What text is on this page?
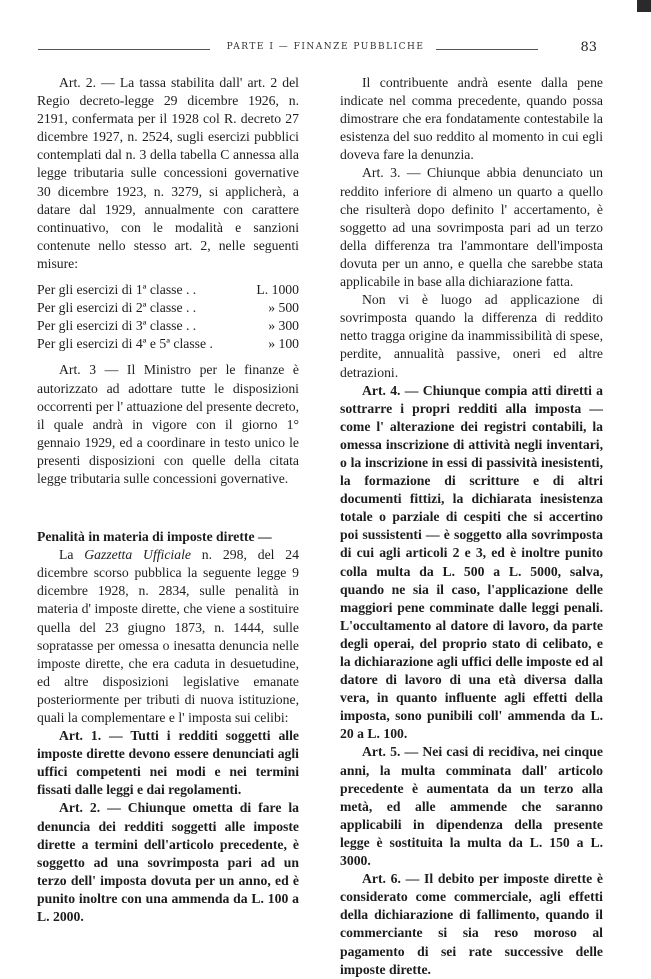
PARTE I — FINANZE PUBBLICHE	83

Art. 2. — La tassa stabilita dall' art. 2 del Regio decreto-legge 29 dicembre 1926, n. 2191, confermata per il 1928 col R. decreto 27 dicembre 1927, n. 2524, sugli esercizi pubblici contemplati dal n. 3 della tabella C annessa alla legge tributaria sulle concessioni governative 30 dicembre 1923, n. 3279, si applicherà, a datare dal 1929, annualmente con carattere continuativo, con le modalità e sanzioni contenute nello stesso art. 2, nelle seguenti misure:

Per gli esercizi di 1ª classe . .	L. 1000
Per gli esercizi di 2ª classe . .	» 500
Per gli esercizi di 3ª classe . .	» 300
Per gli esercizi di 4ª e 5ª classe .	» 100

Art. 3 — Il Ministro per le finanze è autorizzato ad adottare tutte le disposizioni occorrenti per l' attuazione del presente decreto, il quale andrà in vigore con il giorno 1° gennaio 1929, ed a coordinare in testo unico le presenti disposizioni con quelle della citata legge tributaria sulle concessioni governative.

Penalità in materia di imposte dirette —

La Gazzetta Ufficiale n. 298, del 24 dicembre scorso pubblica la seguente legge 9 dicembre 1928, n. 2834, sulle penalità in materia d' imposte dirette, che viene a sostituire quella del 23 giugno 1873, n. 1444, sulle sopratasse per omessa o inesatta denuncia nelle imposte dirette, che era caduta in desuetudine, ed altre disposizioni legislative emanate posteriormente per tributi di nuova istituzione, quali la complementare e l' imposta sui celibi:

Art. 1. — Tutti i redditi soggetti alle imposte dirette devono essere denunciati agli uffici competenti nei modi e nei termini fissati dalle leggi e dai regolamenti.

Art. 2. — Chiunque ometta di fare la denuncia dei redditi soggetti alle imposte dirette a termini dell'articolo precedente, è soggetto ad una sovrimposta pari ad un terzo dell' imposta dovuta per un anno, ed è punito inoltre con una ammenda da L. 100 a L. 2000.

Il contribuente andrà esente dalla pene indicate nel comma precedente, quando possa dimostrare che era fondatamente contestabile la esistenza del suo reddito al momento in cui egli doveva fare la denunzia.

Art. 3. — Chiunque abbia denunciato un reddito inferiore di almeno un quarto a quello che risulterà dopo definito l' accertamento, è soggetto ad una sovrimposta pari ad un terzo della differenza tra l'ammontare dell'imposta dovuta per un anno, e quella che sarebbe stata applicabile in base alla dichiarazione fatta.

Non vi è luogo ad applicazione di sovrimposta quando la differenza di reddito netto tragga origine da inammissibilità di spese, perdite, annualità passive, oneri ed altre detrazioni.

Art. 4. — Chiunque compia atti diretti a sottrarre i propri redditi alla imposta — come l' alterazione dei registri contabili, la omessa inscrizione di attività negli inventari, o la inscrizione in essi di passività inesistenti, la formazione di scritture e di altri documenti fittizi, la dichiarata inesistenza totale o parziale di cespiti che si accertino poi sussistenti — è soggetto alla sovrimposta di cui agli articoli 2 e 3, ed è inoltre punito colla multa da L. 500 a L. 5000, salva, quando ne sia il caso, l'applicazione delle maggiori pene comminate dalle leggi penali. L'occultamento al datore di lavoro, da parte degli operai, del proprio stato di celibato, e la dichiarazione agli uffici delle imposte ed al datore di lavoro di una età diversa dalla vera, in quanto influente agli effetti della imposta, sono punibili coll' ammenda da L. 20 a L. 100.

Art. 5. — Nei casi di recidiva, nei cinque anni, la multa comminata dall' articolo precedente è aumentata da un terzo alla metà, ed alle ammende che saranno applicabili in dipendenza della presente legge è sostituita la multa da L. 150 a L. 3000.

Art. 6. — Il debito per imposte dirette è considerato come commerciale, agli effetti della dichiarazione di fallimento, quando il commerciante si sia reso moroso al pagamento di sei rate successive delle imposte dirette.
